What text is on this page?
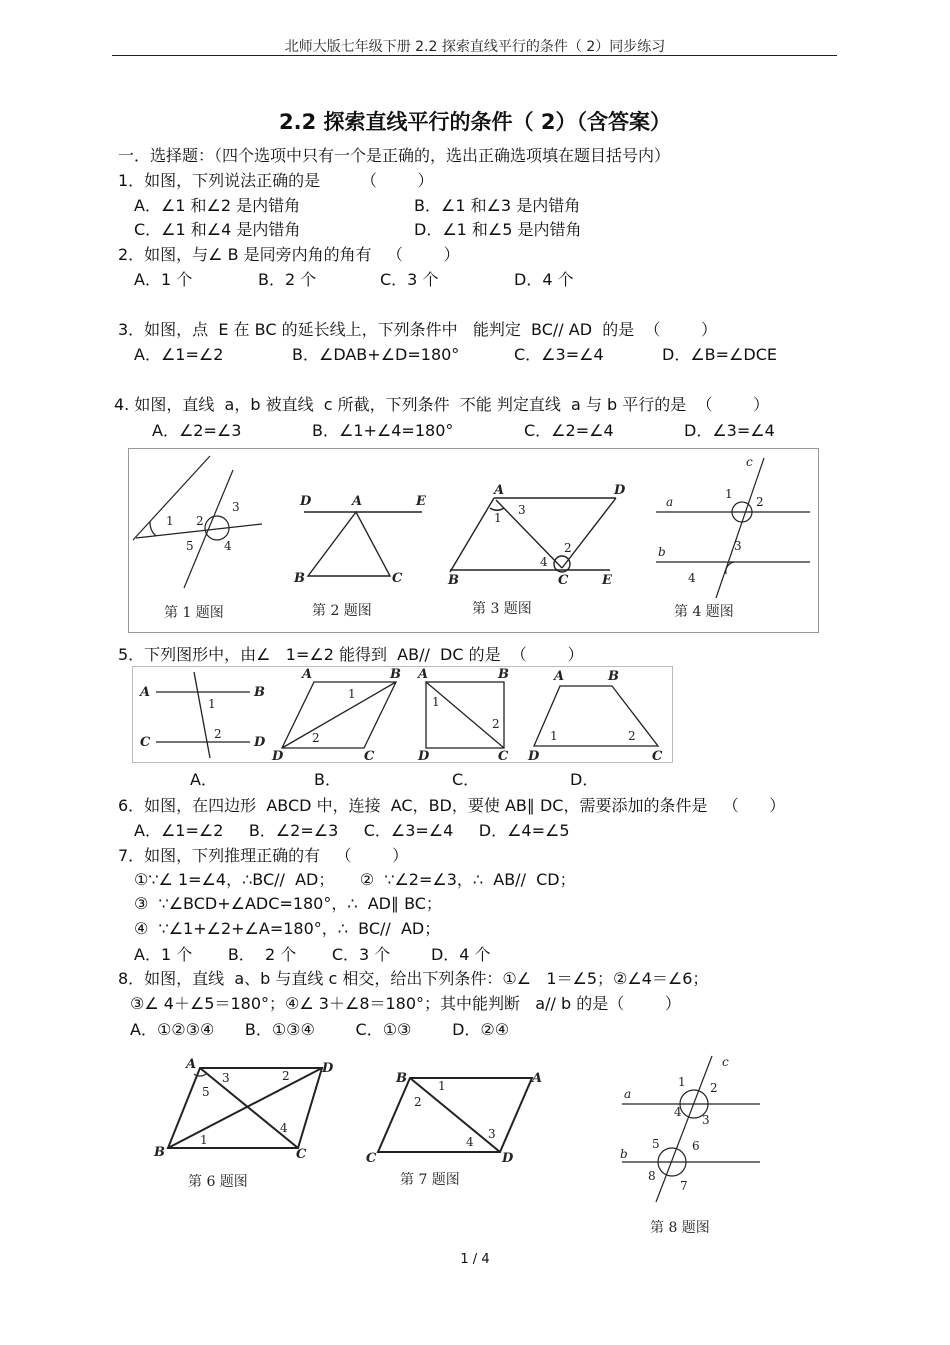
北师大版七年级下册 2.2 探索直线平行的条件（ 2）同步练习
2.2 探索直线平行的条件（ 2）（含答案）
一．选择题：（四个选项中只有一个是正确的，选出正确选项填在题目括号内）
1．如图，下列说法正确的是        （        ）
A．∠1 和∠2 是内错角	B．∠1 和∠3 是内错角
C．∠1 和∠4 是内错角	D．∠1 和∠5 是内错角
2．如图，与∠ B 是同旁内角的角有   （        ）
A．1 个	B．2 个	C．3 个	D．4 个
3．如图，点  E 在 BC 的延长线上，下列条件中   能判定  BC// AD  的是  （        ）
A．∠1=∠2	B．∠DAB+∠D=180°	C．∠3=∠4	D．∠B=∠DCE
4. 如图，直线  a，b 被直线  c 所截，下列条件  不能 判定直线  a 与 b 平行的是  （        ）
A．∠2=∠3	B．∠1+∠4=180°	C．∠2=∠4	D．∠3=∠4
1 2
3
5	4
第 1 题图
D	A	E
B	C
第 2 题图
A	D
B	C	E
1
3
4
2
第 3 题图
a
b
c
1
2
3
4
第 4 题图
5．下列图形中，由∠   1=∠2 能得到  AB//  DC 的是  （        ）
A	B
C	D
1
2
A	B
D	C
1
2
A	B
D	C
1
2
A	B
D	C
1	2
A．	B．	C．	D．
6．如图，在四边形  ABCD 中，连接  AC，BD，要使 AB∥ DC，需要添加的条件是   （      ）
A．∠1=∠2     B．∠2=∠3     C．∠3=∠4     D．∠4=∠5
7．如图，下列推理正确的有   （        ）
①∵∠ 1=∠4，∴BC//  AD；     ②  ∵∠2=∠3，∴  AB//  CD；
③  ∵∠BCD+∠ADC=180°，∴  AD∥ BC；
④  ∵∠1+∠2+∠A=180°，∴  BC//  AD；
A．1 个       B．  2 个       C．3 个        D．4 个
8．如图，直线  a、b 与直线 c 相交，给出下列条件：①∠   1＝∠5；②∠4＝∠6；
③∠ 4＋∠5＝180°；④∠ 3＋∠8＝180°；其中能判断   a// b 的是（        ）
A．①②③④      B．①③④        C．①③        D．②④
A	D
B	C
3
5
2
1
4
第 6 题图
B	A
C	D
1
2
4
3
第 7 题图
a
b
c
1 2
4
3
5	6
8
7
第 8 题图
1 / 4
